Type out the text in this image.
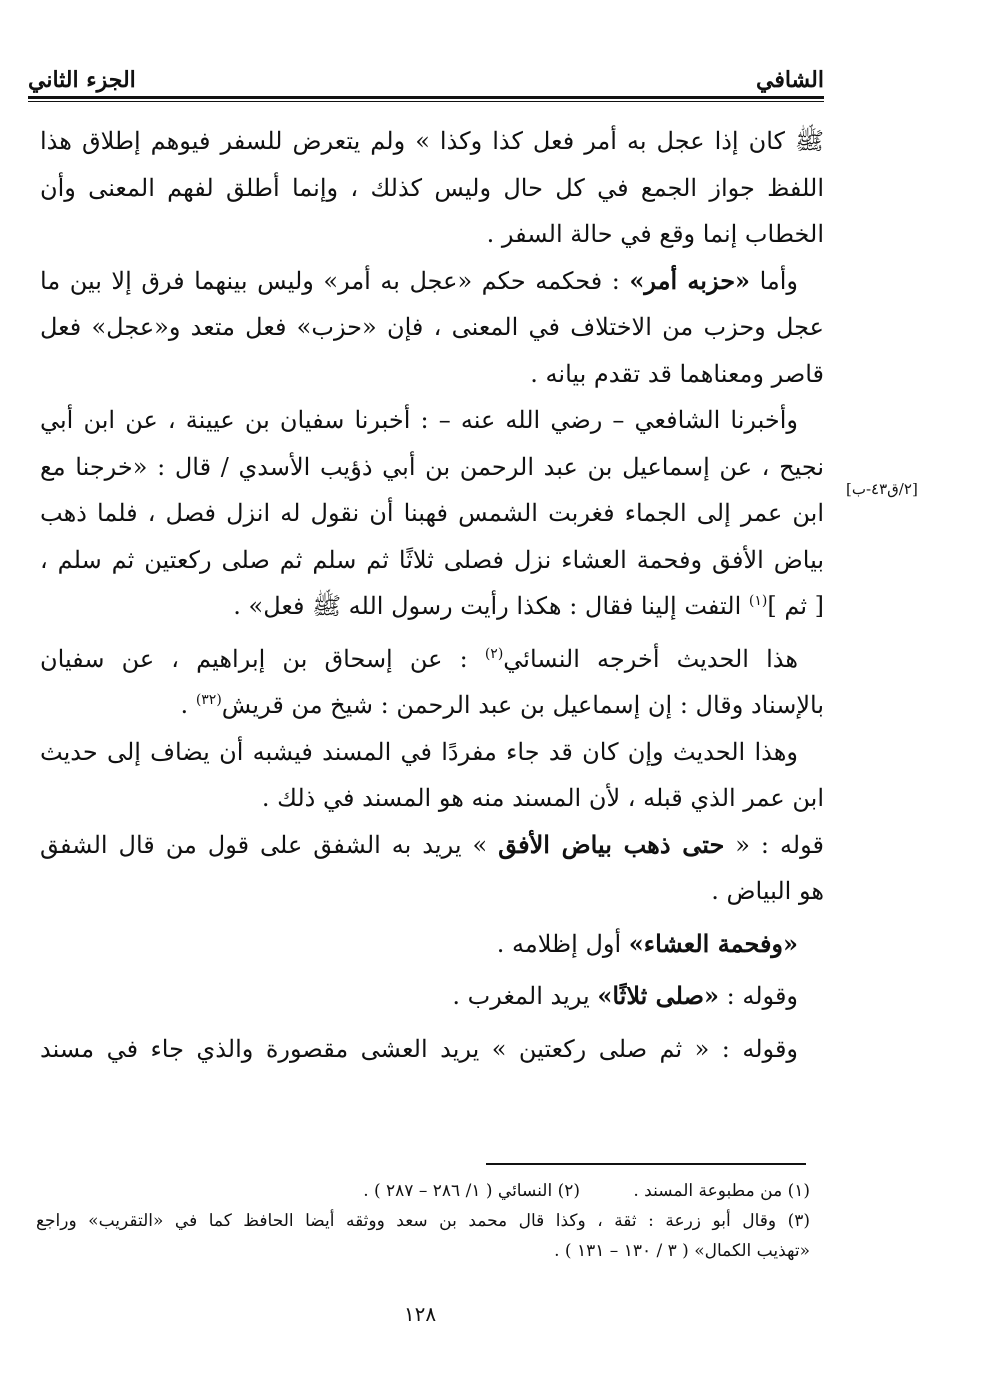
الشافي
الجزء الثاني
[٢/ق٤٣-ب]
ﷺ كان إذا عجل به أمر فعل كذا وكذا » ولم يتعرض للسفر فيوهم إطلاق هذا
اللفظ جواز الجمع في كل حال وليس كذلك ، وإنما أطلق لفهم المعنى وأن
الخطاب إنما وقع في حالة السفر .
وأما «حزبه أمر» : فحكمه حكم «عجل به أمر» وليس بينهما فرق إلا بين ما
عجل وحزب من الاختلاف في المعنى ، فإن «حزب» فعل متعد و«عجل» فعل
قاصر ومعناهما قد تقدم بيانه .
وأخبرنا الشافعي – رضي الله عنه – : أخبرنا سفيان بن عيينة ، عن ابن أبي
نجيح ، عن إسماعيل بن عبد الرحمن بن أبي ذؤيب الأسدي / قال : «خرجنا مع
ابن عمر إلى الجماء فغربت الشمس فهبنا أن نقول له انزل فصل ، فلما ذهب
بياض الأفق وفحمة العشاء نزل فصلى ثلاثًا ثم سلم ثم صلى ركعتين ثم سلم ،
[ ثم ]$^{(١)}$ التفت إلينا فقال : هكذا رأيت رسول الله ﷺ فعل» .
هذا الحديث أخرجه النسائي$^{(٢)}$ : عن إسحاق بن إبراهيم ، عن سفيان
بالإسناد وقال : إن إسماعيل بن عبد الرحمن : شيخ من قريش$^{(٣٢)}$ .
وهذا الحديث وإن كان قد جاء مفردًا في المسند فيشبه أن يضاف إلى حديث
ابن عمر الذي قبله ، لأن المسند منه هو المسند في ذلك .
قوله : « حتى ذهب بياض الأفق » يريد به الشفق على قول من قال الشفق
هو البياض .
«وفحمة العشاء» أول إظلامه .
وقوله : «صلى ثلاثًا» يريد المغرب .
وقوله : « ثم صلى ركعتين » يريد العشى مقصورة والذي جاء في مسند
(١) من مطبوعة المسند .
(٢) النسائي ( ١/ ٢٨٦ – ٢٨٧ ) .
(٣) وقال أبو زرعة : ثقة ، وكذا قال محمد بن سعد ووثقه أيضا الحافظ كما في «التقريب» وراجع
«تهذيب الكمال» ( ٣ / ١٣٠ – ١٣١ ) .
١٢٨
